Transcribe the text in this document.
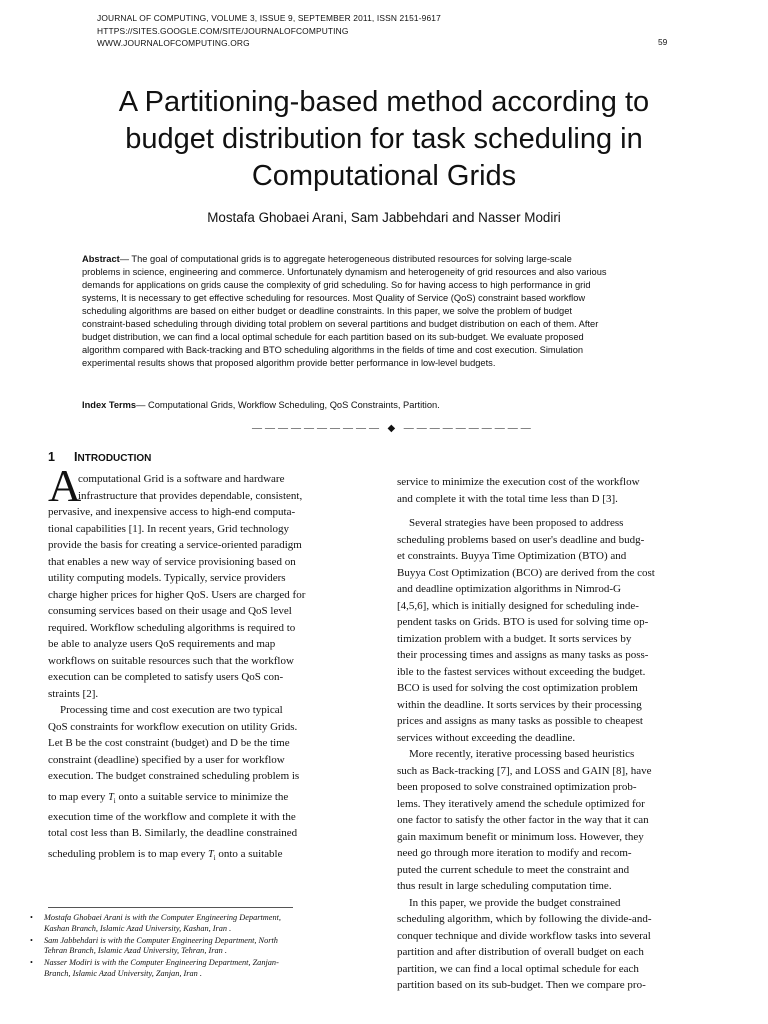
JOURNAL OF COMPUTING, VOLUME 3, ISSUE 9, SEPTEMBER 2011, ISSN 2151-9617
HTTPS://SITES.GOOGLE.COM/SITE/JOURNALOFCOMPUTING
WWW.JOURNALOFCOMPUTING.ORG	59
A Partitioning-based method according to
budget distribution for task scheduling in
Computational Grids
Mostafa Ghobaei Arani, Sam Jabbehdari and Nasser Modiri
Abstract— The goal of computational grids is to aggregate heterogeneous distributed resources for solving large-scale
problems in science, engineering and commerce. Unfortunately dynamism and heterogeneity of grid resources and also various
demands for applications on grids cause the complexity of grid scheduling. So for having access to high performance in grid
systems, It is necessary to get effective scheduling for resources. Most Quality of Service (QoS) constraint based workflow
scheduling algorithms are based on either budget or deadline constraints. In this paper, we solve the problem of budget
constraint-based scheduling through dividing total problem on several partitions and budget distribution on each of them. After
budget distribution, we can find a local optimal schedule for each partition based on its sub-budget. We evaluate proposed
algorithm compared with Back-tracking and BTO scheduling algorithms in the fields of time and cost execution. Simulation
experimental results shows that proposed algorithm provide better performance in low-level budgets.
Index Terms— Computational Grids, Workflow Scheduling, QoS Constraints, Partition.
—————————— ◆ ——————————
1 INTRODUCTION
A
computational Grid is a software and hardware
infrastructure that provides dependable, consistent,
pervasive, and inexpensive access to high-end computa-
tional capabilities [1]. In recent years, Grid technology
provide the basis for creating a service-oriented paradigm
that enables a new way of service provisioning based on
utility computing models. Typically, service providers
charge higher prices for higher QoS. Users are charged for
consuming services based on their usage and QoS level
required. Workflow scheduling algorithms is required to
be able to analyze users QoS requirements and map
workflows on suitable resources such that the workflow
execution can be completed to satisfy users QoS con-
straints [2].
Processing time and cost execution are two typical
QoS constraints for workflow execution on utility Grids.
Let B be the cost constraint (budget) and D be the time
constraint (deadline) specified by a user for workflow
execution. The budget constrained scheduling problem is
to map every $T_i$ onto a suitable service to minimize the
execution time of the workflow and complete it with the
total cost less than B. Similarly, the deadline constrained
scheduling problem is to map every $T_i$ onto a suitable
• Mostafa Ghobaei Arani is with the Computer Engineering Department,
Kashan Branch, Islamic Azad University, Kashan, Iran .
• Sam Jabbehdari is with the Computer Engineering Department, North
Tehran Branch, Islamic Azad University, Tehran, Iran .
• Nasser Modiri is with the Computer Engineering Department, Zanjan-
Branch, Islamic Azad University, Zanjan, Iran .
service to minimize the execution cost of the workflow
and complete it with the total time less than D [3].
Several strategies have been proposed to address
scheduling problems based on user's deadline and budg-
et constraints. Buyya Time Optimization (BTO) and
Buyya Cost Optimization (BCO) are derived from the cost
and deadline optimization algorithms in Nimrod-G
[4,5,6], which is initially designed for scheduling inde-
pendent tasks on Grids. BTO is used for solving time op-
timization problem with a budget. It sorts services by
their processing times and assigns as many tasks as poss-
ible to the fastest services without exceeding the budget.
BCO is used for solving the cost optimization problem
within the deadline. It sorts services by their processing
prices and assigns as many tasks as possible to cheapest
services without exceeding the deadline.
More recently, iterative processing based heuristics
such as Back-tracking [7], and LOSS and GAIN [8], have
been proposed to solve constrained optimization prob-
lems. They iteratively amend the schedule optimized for
one factor to satisfy the other factor in the way that it can
gain maximum benefit or minimum loss. However, they
need go through more iteration to modify and recom-
puted the current schedule to meet the constraint and
thus result in large scheduling computation time.
In this paper, we provide the budget constrained
scheduling algorithm, which by following the divide-and-
conquer technique and divide workflow tasks into several
partition and after distribution of overall budget on each
partition, we can find a local optimal schedule for each
partition based on its sub-budget. Then we compare pro-
